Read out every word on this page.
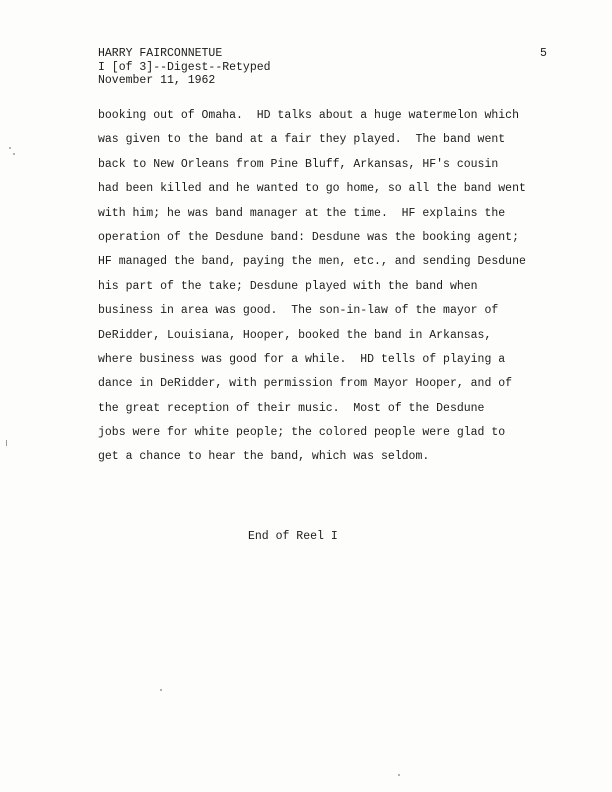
HARRY FAIRCONNETUE
I [of 3]--Digest--Retyped
November 11, 1962
5
booking out of Omaha.  HD talks about a huge watermelon which
was given to the band at a fair they played.  The band went
back to New Orleans from Pine Bluff, Arkansas, HF's cousin
had been killed and he wanted to go home, so all the band went
with him; he was band manager at the time.  HF explains the
operation of the Desdune band: Desdune was the booking agent;
HF managed the band, paying the men, etc., and sending Desdune
his part of the take; Desdune played with the band when
business in area was good.  The son-in-law of the mayor of
DeRidder, Louisiana, Hooper, booked the band in Arkansas,
where business was good for a while.  HD tells of playing a
dance in DeRidder, with permission from Mayor Hooper, and of
the great reception of their music.  Most of the Desdune
jobs were for white people; the colored people were glad to
get a chance to hear the band, which was seldom.
End of Reel I
